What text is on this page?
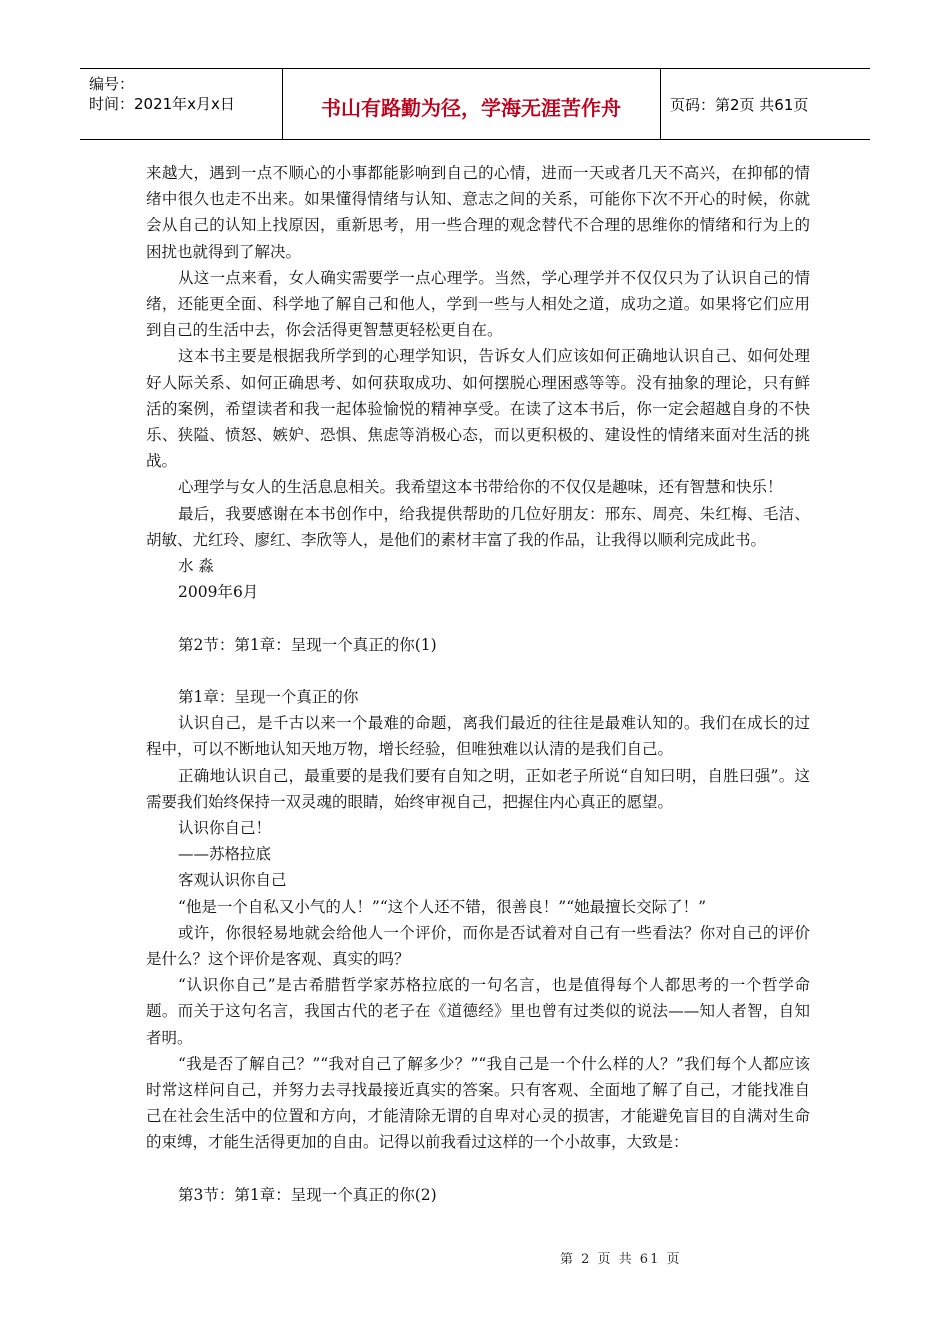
编号：
时间：2021年x月x日	书山有路勤为径，学海无涯苦作舟	页码：第2页 共61页

来越大，遇到一点不顺心的小事都能影响到自己的心情，进而一天或者几天不高兴，在抑郁的情绪中很久也走不出来。如果懂得情绪与认知、意志之间的关系，可能你下次不开心的时候，你就会从自己的认知上找原因，重新思考，用一些合理的观念替代不合理的思维你的情绪和行为上的困扰也就得到了解决。

从这一点来看，女人确实需要学一点心理学。当然，学心理学并不仅仅只为了认识自己的情绪，还能更全面、科学地了解自己和他人，学到一些与人相处之道，成功之道。如果将它们应用到自己的生活中去，你会活得更智慧更轻松更自在。

这本书主要是根据我所学到的心理学知识，告诉女人们应该如何正确地认识自己、如何处理好人际关系、如何正确思考、如何获取成功、如何摆脱心理困惑等等。没有抽象的理论，只有鲜活的案例，希望读者和我一起体验愉悦的精神享受。在读了这本书后，你一定会超越自身的不快乐、狭隘、愤怒、嫉妒、恐惧、焦虑等消极心态，而以更积极的、建设性的情绪来面对生活的挑战。

心理学与女人的生活息息相关。我希望这本书带给你的不仅仅是趣味，还有智慧和快乐！

最后，我要感谢在本书创作中，给我提供帮助的几位好朋友：邢东、周亮、朱红梅、毛洁、胡敏、尤红玲、廖红、李欣等人，是他们的素材丰富了我的作品，让我得以顺利完成此书。

水 淼

2009年6月

第2节：第1章：呈现一个真正的你(1)

第1章：呈现一个真正的你

认识自己，是千古以来一个最难的命题，离我们最近的往往是最难认知的。我们在成长的过程中，可以不断地认知天地万物，增长经验，但唯独难以认清的是我们自己。

正确地认识自己，最重要的是我们要有自知之明，正如老子所说“自知曰明，自胜曰强”。这需要我们始终保持一双灵魂的眼睛，始终审视自己，把握住内心真正的愿望。

认识你自己！

——苏格拉底

客观认识你自己

“他是一个自私又小气的人！”“这个人还不错，很善良！”“她最擅长交际了！”

或许，你很轻易地就会给他人一个评价，而你是否试着对自己有一些看法？你对自己的评价是什么？这个评价是客观、真实的吗？

“认识你自己”是古希腊哲学家苏格拉底的一句名言，也是值得每个人都思考的一个哲学命题。而关于这句名言，我国古代的老子在《道德经》里也曾有过类似的说法——知人者智，自知者明。

“我是否了解自己？”“我对自己了解多少？”“我自己是一个什么样的人？”我们每个人都应该时常这样问自己，并努力去寻找最接近真实的答案。只有客观、全面地了解了自己，才能找准自己在社会生活中的位置和方向，才能清除无谓的自卑对心灵的损害，才能避免盲目的自满对生命的束缚，才能生活得更加的自由。记得以前我看过这样的一个小故事，大致是：

第3节：第1章：呈现一个真正的你(2)

第 2 页 共 61 页
